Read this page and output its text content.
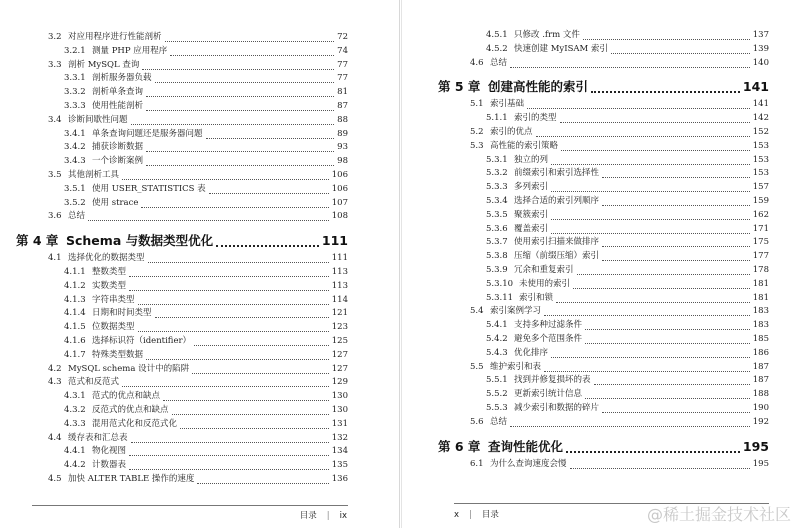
3.2 对应用程序进行性能剖析	72
3.2.1 测量 PHP 应用程序	74
3.3 剖析 MySQL 查询	77
3.3.1 剖析服务器负载	77
3.3.2 剖析单条查询	81
3.3.3 使用性能剖析	87
3.4 诊断间歇性问题	88
3.4.1 单条查询问题还是服务器问题	89
3.4.2 捕获诊断数据	93
3.4.3 一个诊断案例	98
3.5 其他剖析工具	106
3.5.1 使用 USER_STATISTICS 表	106
3.5.2 使用 strace	107
3.6 总结	108
第 4 章 Schema 与数据类型优化	111
4.1 选择优化的数据类型	111
4.1.1 整数类型	113
4.1.2 实数类型	113
4.1.3 字符串类型	114
4.1.4 日期和时间类型	121
4.1.5 位数据类型	123
4.1.6 选择标识符（identifier）	125
4.1.7 特殊类型数据	127
4.2 MySQL schema 设计中的陷阱	127
4.3 范式和反范式	129
4.3.1 范式的优点和缺点	130
4.3.2 反范式的优点和缺点	130
4.3.3 混用范式化和反范式化	131
4.4 缓存表和汇总表	132
4.4.1 物化视图	134
4.4.2 计数器表	135
4.5 加快 ALTER TABLE 操作的速度	136
目录 | ix
4.5.1 只修改 .frm 文件	137
4.5.2 快速创建 MyISAM 索引	139
4.6 总结	140
第 5 章 创建高性能的索引	141
5.1 索引基础	141
5.1.1 索引的类型	142
5.2 索引的优点	152
5.3 高性能的索引策略	153
5.3.1 独立的列	153
5.3.2 前缀索引和索引选择性	153
5.3.3 多列索引	157
5.3.4 选择合适的索引列顺序	159
5.3.5 聚簇索引	162
5.3.6 覆盖索引	171
5.3.7 使用索引扫描来做排序	175
5.3.8 压缩（前缀压缩）索引	177
5.3.9 冗余和重复索引	178
5.3.10 未使用的索引	181
5.3.11 索引和锁	181
5.4 索引案例学习	183
5.4.1 支持多种过滤条件	183
5.4.2 避免多个范围条件	185
5.4.3 优化排序	186
5.5 维护索引和表	187
5.5.1 找到并修复损坏的表	187
5.5.2 更新索引统计信息	188
5.5.3 减少索引和数据的碎片	190
5.6 总结	192
第 6 章 查询性能优化	195
6.1 为什么查询速度会慢	195
x | 目录	@稀土掘金技术社区
